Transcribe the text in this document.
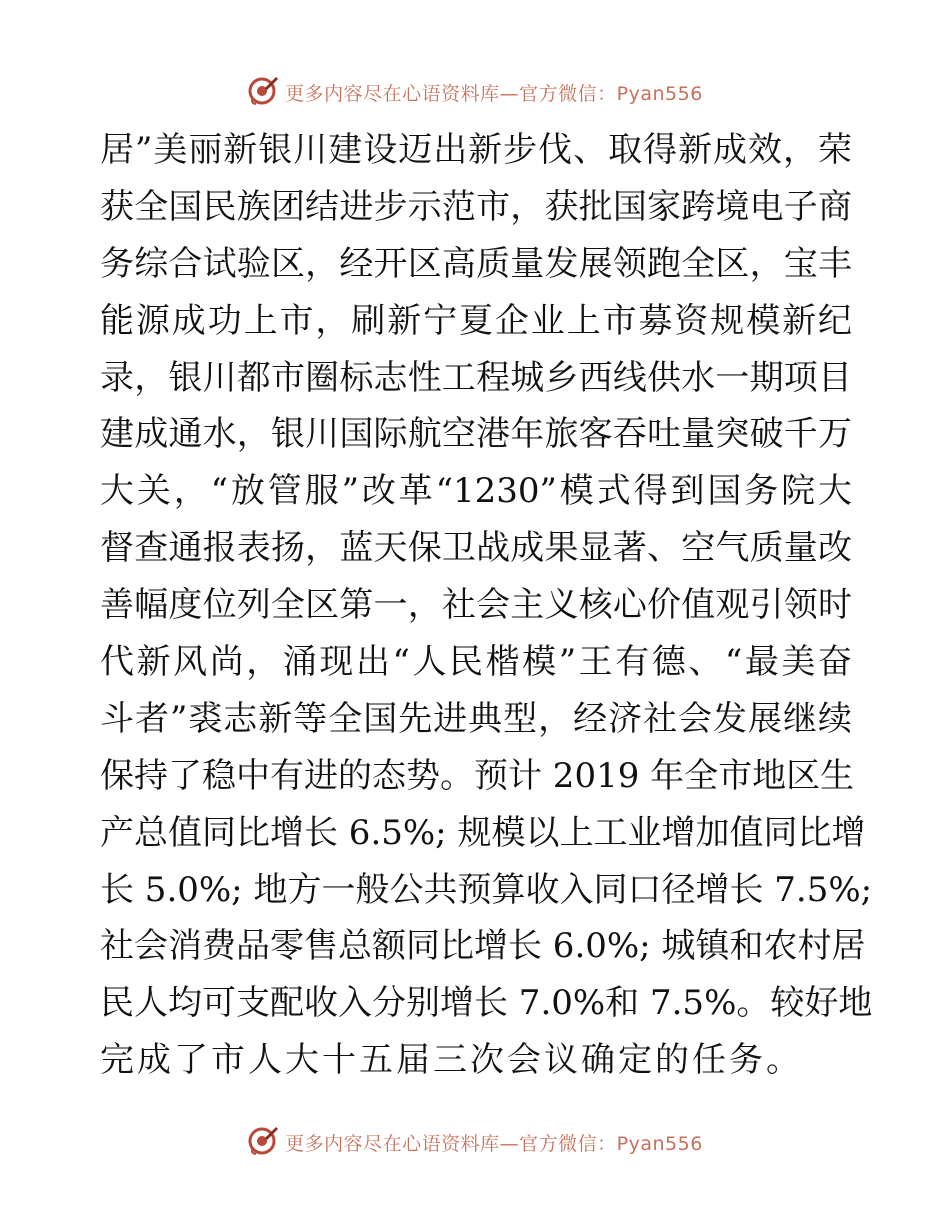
更多内容尽在心语资料库—官方微信：Pyan556
居”美丽新银川建设迈出新步伐、取得新成效，荣
获全国民族团结进步示范市，获批国家跨境电子商
务综合试验区，经开区高质量发展领跑全区，宝丰
能源成功上市，刷新宁夏企业上市募资规模新纪
录，银川都市圈标志性工程城乡西线供水一期项目
建成通水，银川国际航空港年旅客吞吐量突破千万
大关，“放管服”改革“1230”模式得到国务院大
督查通报表扬，蓝天保卫战成果显著、空气质量改
善幅度位列全区第一，社会主义核心价值观引领时
代新风尚，涌现出“人民楷模”王有德、“最美奋
斗者”裘志新等全国先进典型，经济社会发展继续
保持了稳中有进的态势。预计 2019 年全市地区生
产总值同比增长 6.5%; 规模以上工业增加值同比增
长 5.0%; 地方一般公共预算收入同口径增长 7.5%;
社会消费品零售总额同比增长 6.0%; 城镇和农村居
民人均可支配收入分别增长 7.0%和 7.5%。较好地
完成了市人大十五届三次会议确定的任务。
更多内容尽在心语资料库—官方微信：Pyan556
